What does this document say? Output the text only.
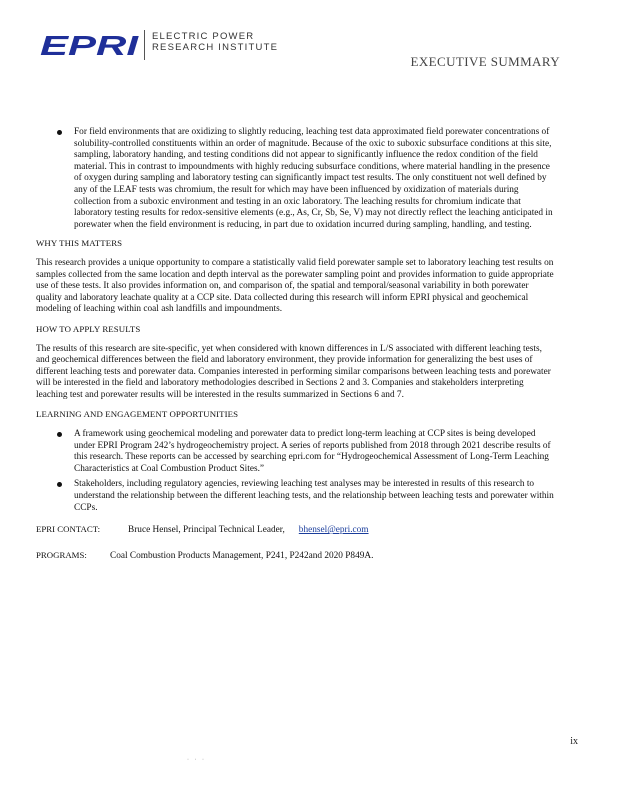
EPRI ELECTRIC POWER
RESEARCH INSTITUTE
EXECUTIVE SUMMARY
For field environments that are oxidizing to slightly reducing, leaching test data approximated field porewater concentrations of solubility-controlled constituents within an order of magnitude. Because of the oxic to suboxic subsurface conditions at this site, sampling, laboratory handing, and testing conditions did not appear to significantly influence the redox condition of the field material. This in contrast to impoundments with highly reducing subsurface conditions, where material handling in the presence of oxygen during sampling and laboratory testing can significantly impact test results. The only constituent not well defined by any of the LEAF tests was chromium, the result for which may have been influenced by oxidization of materials during collection from a suboxic environment and testing in an oxic laboratory. The leaching results for chromium indicate that laboratory testing results for redox-sensitive elements (e.g., As, Cr, Sb, Se, V) may not directly reflect the leaching anticipated in porewater when the field environment is reducing, in part due to oxidation incurred during sampling, handling, and testing.
WHY THIS MATTERS

This research provides a unique opportunity to compare a statistically valid field porewater sample set to laboratory leaching test results on samples collected from the same location and depth interval as the porewater sampling point and provides information to guide appropriate use of these tests. It also provides information on, and comparison of, the spatial and temporal/seasonal variability in both porewater quality and laboratory leachate quality at a CCP site. Data collected during this research will inform EPRI physical and geochemical modeling of leaching within coal ash landfills and impoundments.

HOW TO APPLY RESULTS

The results of this research are site-specific, yet when considered with known differences in L/S associated with different leaching tests, and geochemical differences between the field and laboratory environment, they provide information for generalizing the best uses of different leaching tests and porewater data. Companies interested in performing similar comparisons between leaching tests and porewater will be interested in the field and laboratory methodologies described in Sections 2 and 3. Companies and stakeholders interpreting leaching test and porewater results will be interested in the results summarized in Sections 6 and 7.

LEARNING AND ENGAGEMENT OPPORTUNITIES
A framework using geochemical modeling and porewater data to predict long-term leaching at CCP sites is being developed under EPRI Program 242’s hydrogeochemistry project. A series of reports published from 2018 through 2021 describe results of this research. These reports can be accessed by searching epri.com for “Hydrogeochemical Assessment of Long-Term Leaching Characteristics at Coal Combustion Product Sites.”
Stakeholders, including regulatory agencies, reviewing leaching test analyses may be interested in results of this research to understand the relationship between the different leaching tests, and the relationship between leaching tests and porewater within CCPs.
EPRI CONTACT:	Bruce Hensel, Principal Technical Leader, bhensel@epri.com
PROGRAMS: Coal Combustion Products Management, P241, P242and 2020 P849A.
ix
· · ·
